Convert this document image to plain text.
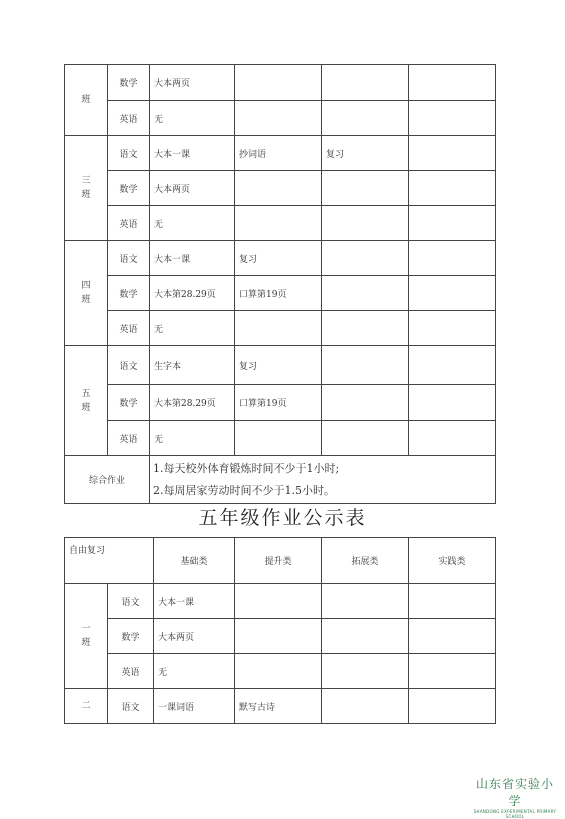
班	数学	大本两页			
	英语	无			
三
班	语文	大本一课	抄词语	复习	
	数学	大本两页			
	英语	无			
四
班	语文	大本一课	复习		
	数学	大本第28.29页	口算第19页		
	英语	无			
五
班	语文	生字本	复习		
	数学	大本第28.29页	口算第19页		
	英语	无			
综合作业		1.每天校外体育锻炼时间不少于1小时;
2.每周居家劳动时间不少于1.5小时。			
五年级作业公示表
自由复习		基础类	提升类	拓展类	实践类
一
班	语文	大本一课			
	数学	大本两页			
	英语	无			
二	语文	一课词语	默写古诗		
山东省实验小学
SHANDONG EXPERIMENTAL PRIMARY SCHOOL
